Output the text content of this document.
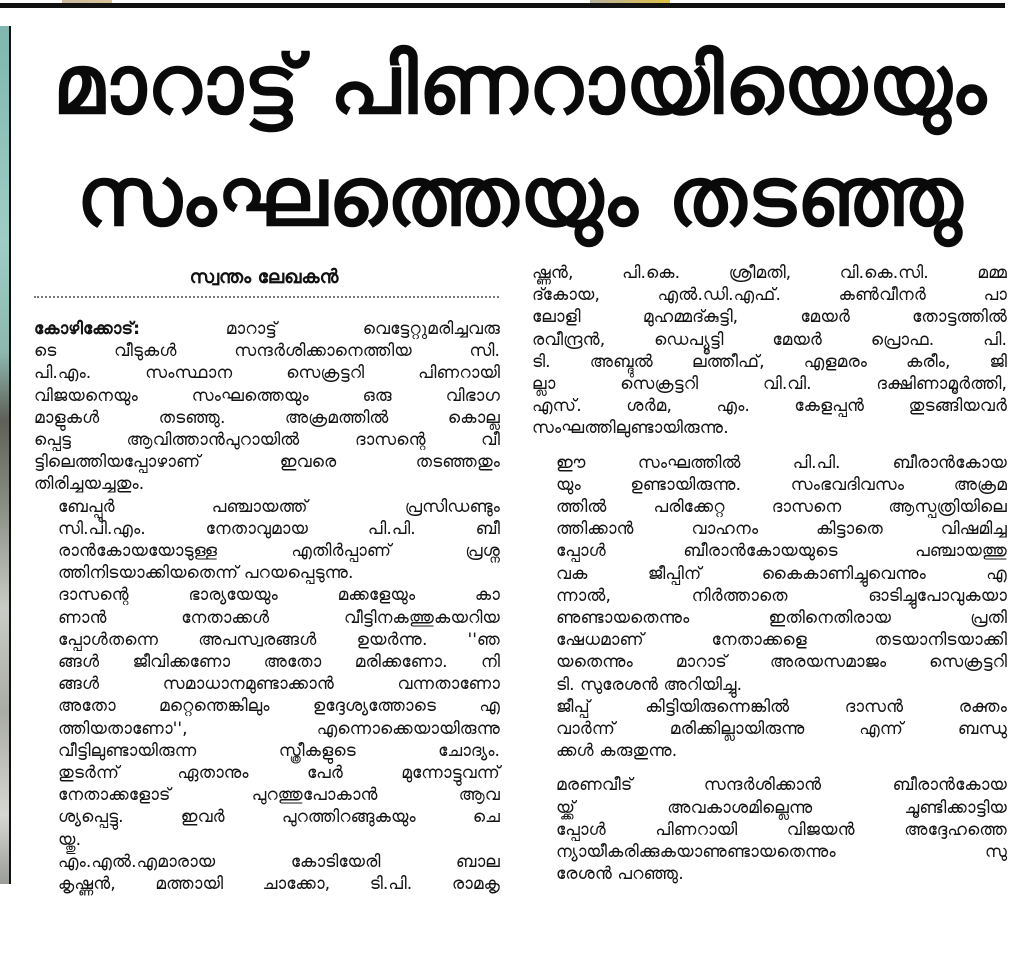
മാറാട്ട് പിണറായിയെയും
സംഘത്തെയും തടഞ്ഞു
സ്വന്തം ലേഖകൻ

കോഴിക്കോട്:	മാറാട്ട് വെട്ടേറ്റുമരിച്ചവരു
ടെ വീടുകൾ സന്ദർശിക്കാനെത്തിയ സി.
പി.എം. സംസ്ഥാന സെക്രട്ടറി പിണറായി
വിജയനെയും സംഘത്തെയും ഒരു വിഭാഗ
മാളുകൾ തടഞ്ഞു. അക്രമത്തിൽ കൊല്ല
പ്പെട്ട ആവിത്താൻപുറായിൽ ദാസന്റെ വീ
ട്ടിലെത്തിയപ്പോഴാണ് ഇവരെ തടഞ്ഞതും
തിരിച്ചയച്ചതും.

ബേപ്പൂർ പഞ്ചായത്ത് പ്രസിഡണ്ടും
സി.പി.എം. നേതാവുമായ പി.പി. ബീ
രാൻകോയയോടുള്ള എതിർപ്പാണ് പ്രശ്ന
ത്തിനിടയാക്കിയതെന്ന് പറയപ്പെടുന്നു.

ദാസന്റെ ഭാര്യയേയും മക്കളേയും കാ
ണാൻ നേതാക്കൾ വീട്ടിനകത്തുകയറിയ
പ്പോൾതന്നെ അപസ്വരങ്ങൾ ഉയർന്നു. ''ഞ
ങ്ങൾ ജീവിക്കണോ അതോ മരിക്കണോ. നി
ങ്ങൾ സമാധാനമുണ്ടാക്കാൻ വന്നതാണോ
അതോ മറ്റെന്തെങ്കിലും ഉദ്ദേശ്യത്തോടെ എ
ത്തിയതാണോ'', എന്നൊക്കെയായിരുന്നു
വീട്ടിലുണ്ടായിരുന്ന സ്ത്രീകളുടെ ചോദ്യം.
തുടർന്ന് ഏതാനും പേർ മുന്നോട്ടുവന്ന്
നേതാക്കളോട് പുറത്തുപോകാൻ ആവ
ശ്യപ്പെട്ടു. ഇവർ പുറത്തിറങ്ങുകയും ചെ
യ്തു.

എം.എൽ.എമാരായ കോടിയേരി ബാല
കൃഷ്ണൻ, മത്തായി ചാക്കോ, ടി.പി. രാമകൃ

ഷ്ണൻ, പി.കെ. ശ്രീമതി, വി.കെ.സി. മമ്മ
ദ്കോയ, എൽ.ഡി.എഫ്. കൺവീനർ പാ
ലോളി മുഹമ്മദ്കുട്ടി, മേയർ തോട്ടത്തിൽ
രവീന്ദ്രൻ, ഡെപ്യൂട്ടി മേയർ പ്രൊഫ. പി.
ടി. അബ്ദുൽ ലത്തീഫ്, എളമരം കരീം, ജി
ല്ലാ സെക്രട്ടറി വി.വി. ദക്ഷിണാമൂർത്തി,
എസ്. ശർമ, എം. കേളപ്പൻ തുടങ്ങിയവർ
സംഘത്തിലുണ്ടായിരുന്നു.

ഈ സംഘത്തിൽ പി.പി. ബീരാൻകോയ
യും ഉണ്ടായിരുന്നു. സംഭവദിവസം അക്രമ
ത്തിൽ പരിക്കേറ്റ ദാസനെ ആസ്പത്രിയിലെ
ത്തിക്കാൻ വാഹനം കിട്ടാതെ വിഷമിച്ച
പ്പോൾ ബീരാൻകോയയുടെ പഞ്ചായത്തു
വക ജീപ്പിന് കൈകാണിച്ചുവെന്നും എ
ന്നാൽ, നിർത്താതെ ഓടിച്ചുപോവുകയാ
ണുണ്ടായതെന്നും ഇതിനെതിരായ പ്രതി
ഷേധമാണ് നേതാക്കളെ തടയാനിടയാക്കി
യതെന്നും മാറാട് അരയസമാജം സെക്രട്ടറി
ടി. സുരേശൻ അറിയിച്ചു.

ജീപ്പ് കിട്ടിയിരുന്നെങ്കിൽ ദാസൻ രക്തം
വാർന്ന് മരിക്കില്ലായിരുന്നു എന്ന് ബന്ധു
ക്കൾ കരുതുന്നു.

മരണവീട് സന്ദർശിക്കാൻ ബീരാൻകോയ
യ്ക്ക് അവകാശമില്ലെന്നു ചൂണ്ടിക്കാട്ടിയ
പ്പോൾ പിണറായി വിജയൻ അദ്ദേഹത്തെ
ന്യായീകരിക്കുകയാണുണ്ടായതെന്നും സു
രേശൻ പറഞ്ഞു.
